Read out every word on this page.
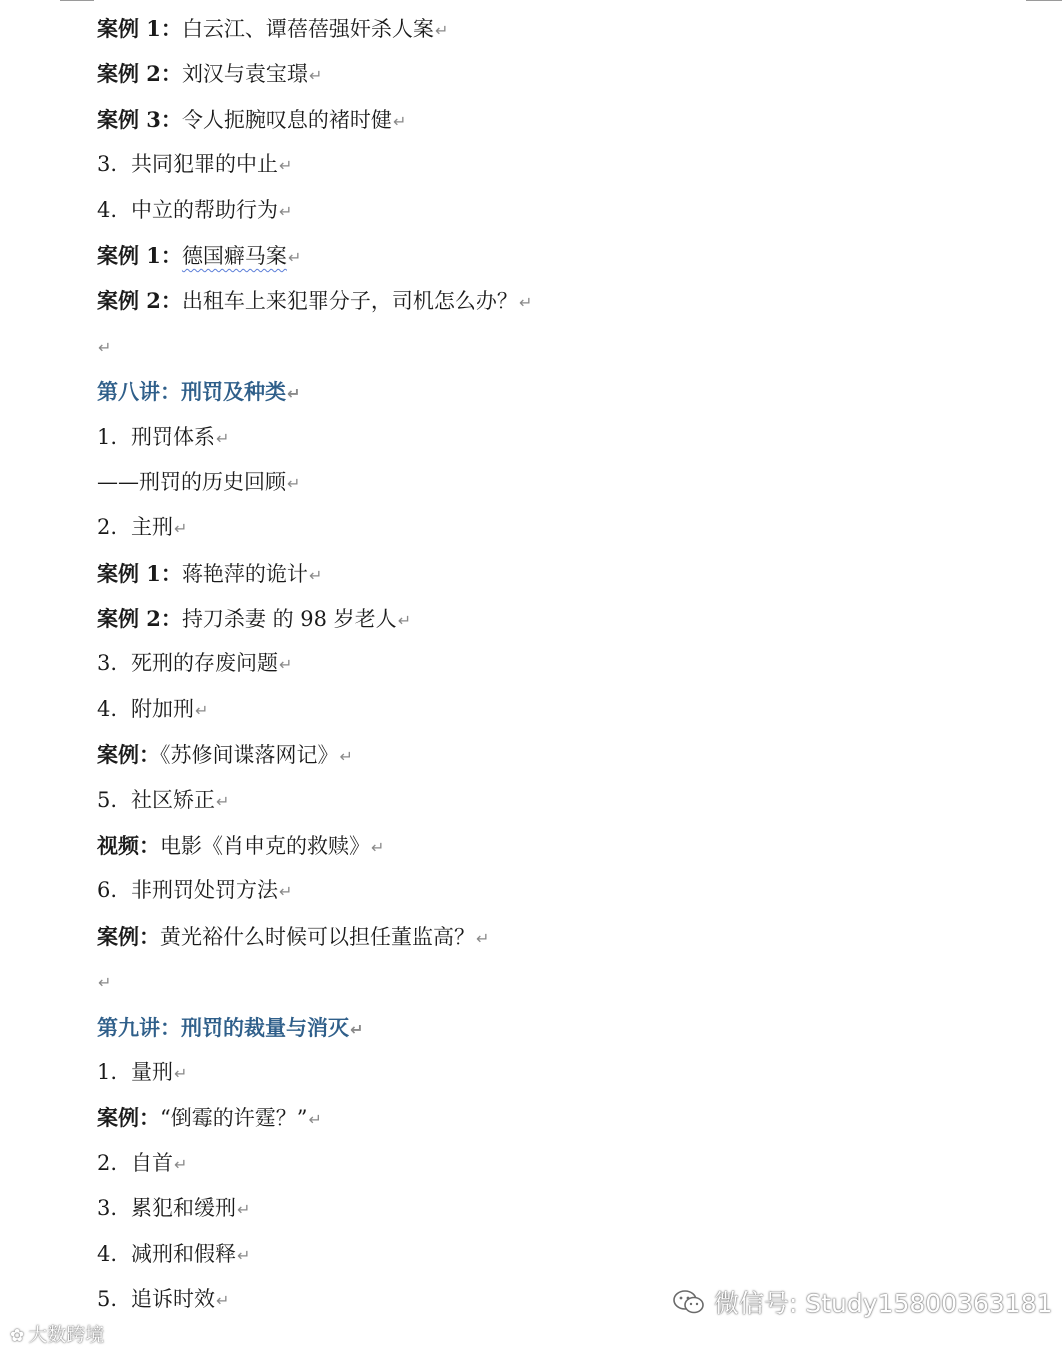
案例 1：白云江、谭蓓蓓强奸杀人案↵
案例 2：刘汉与袁宝璟↵
案例 3：令人扼腕叹息的褚时健↵
3. 共同犯罪的中止↵
4. 中立的帮助行为↵
案例 1：德国癖马案↵
案例 2：出租车上来犯罪分子，司机怎么办？↵
↵
第八讲：刑罚及种类↵
1. 刑罚体系↵
——刑罚的历史回顾↵
2. 主刑↵
案例 1：蒋艳萍的诡计↵
案例 2：持刀杀妻 的 98 岁老人↵
3. 死刑的存废问题↵
4. 附加刑↵
案例：《苏修间谍落网记》↵
5. 社区矫正↵
视频：电影《肖申克的救赎》↵
6. 非刑罚处罚方法↵
案例：黄光裕什么时候可以担任董监高？↵
↵
第九讲：刑罚的裁量与消灭↵
1. 量刑↵
案例：“倒霉的许霆？”↵
2. 自首↵
3. 累犯和缓刑↵
4. 减刑和假释↵
5. 追诉时效↵
✿ 大数跨境
微信号: Study15800363181
